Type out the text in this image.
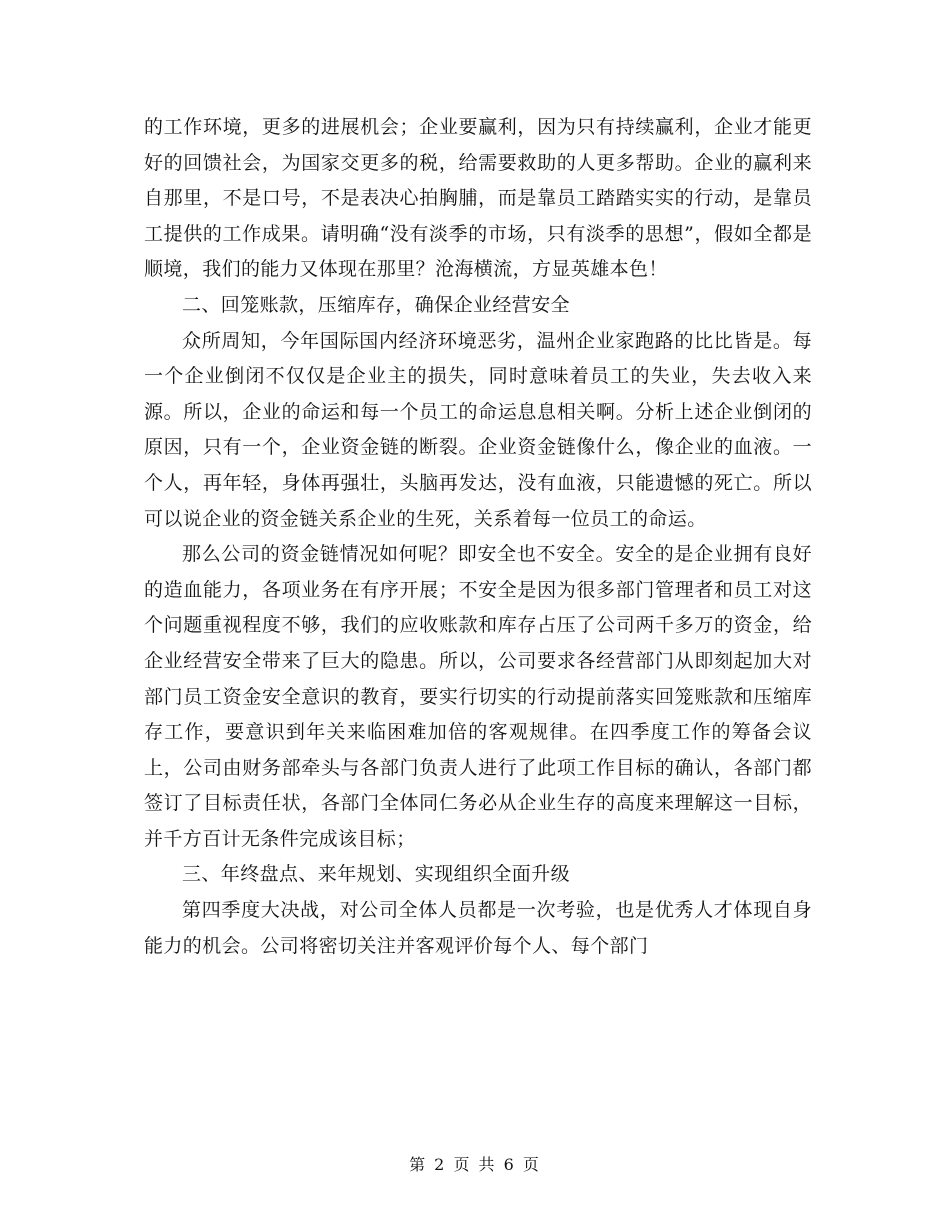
的工作环境，更多的进展机会；企业要赢利，因为只有持续赢利，企业才能更好的回馈社会，为国家交更多的税，给需要救助的人更多帮助。企业的赢利来自那里，不是口号，不是表决心拍胸脯，而是靠员工踏踏实实的行动，是靠员工提供的工作成果。请明确“没有淡季的市场，只有淡季的思想”，假如全都是顺境，我们的能力又体现在那里？沧海横流，方显英雄本色！

二、回笼账款，压缩库存，确保企业经营安全

众所周知，今年国际国内经济环境恶劣，温州企业家跑路的比比皆是。每一个企业倒闭不仅仅是企业主的损失，同时意味着员工的失业，失去收入来源。所以，企业的命运和每一个员工的命运息息相关啊。分析上述企业倒闭的原因，只有一个，企业资金链的断裂。企业资金链像什么，像企业的血液。一个人，再年轻，身体再强壮，头脑再发达，没有血液，只能遗憾的死亡。所以可以说企业的资金链关系企业的生死，关系着每一位员工的命运。

那么公司的资金链情况如何呢？即安全也不安全。安全的是企业拥有良好的造血能力，各项业务在有序开展；不安全是因为很多部门管理者和员工对这个问题重视程度不够，我们的应收账款和库存占压了公司两千多万的资金，给企业经营安全带来了巨大的隐患。所以，公司要求各经营部门从即刻起加大对部门员工资金安全意识的教育，要实行切实的行动提前落实回笼账款和压缩库存工作，要意识到年关来临困难加倍的客观规律。在四季度工作的筹备会议上，公司由财务部牵头与各部门负责人进行了此项工作目标的确认，各部门都签订了目标责任状，各部门全体同仁务必从企业生存的高度来理解这一目标，并千方百计无条件完成该目标；

三、年终盘点、来年规划、实现组织全面升级

第四季度大决战，对公司全体人员都是一次考验，也是优秀人才体现自身能力的机会。公司将密切关注并客观评价每个人、每个部门

第 2 页 共 6 页
